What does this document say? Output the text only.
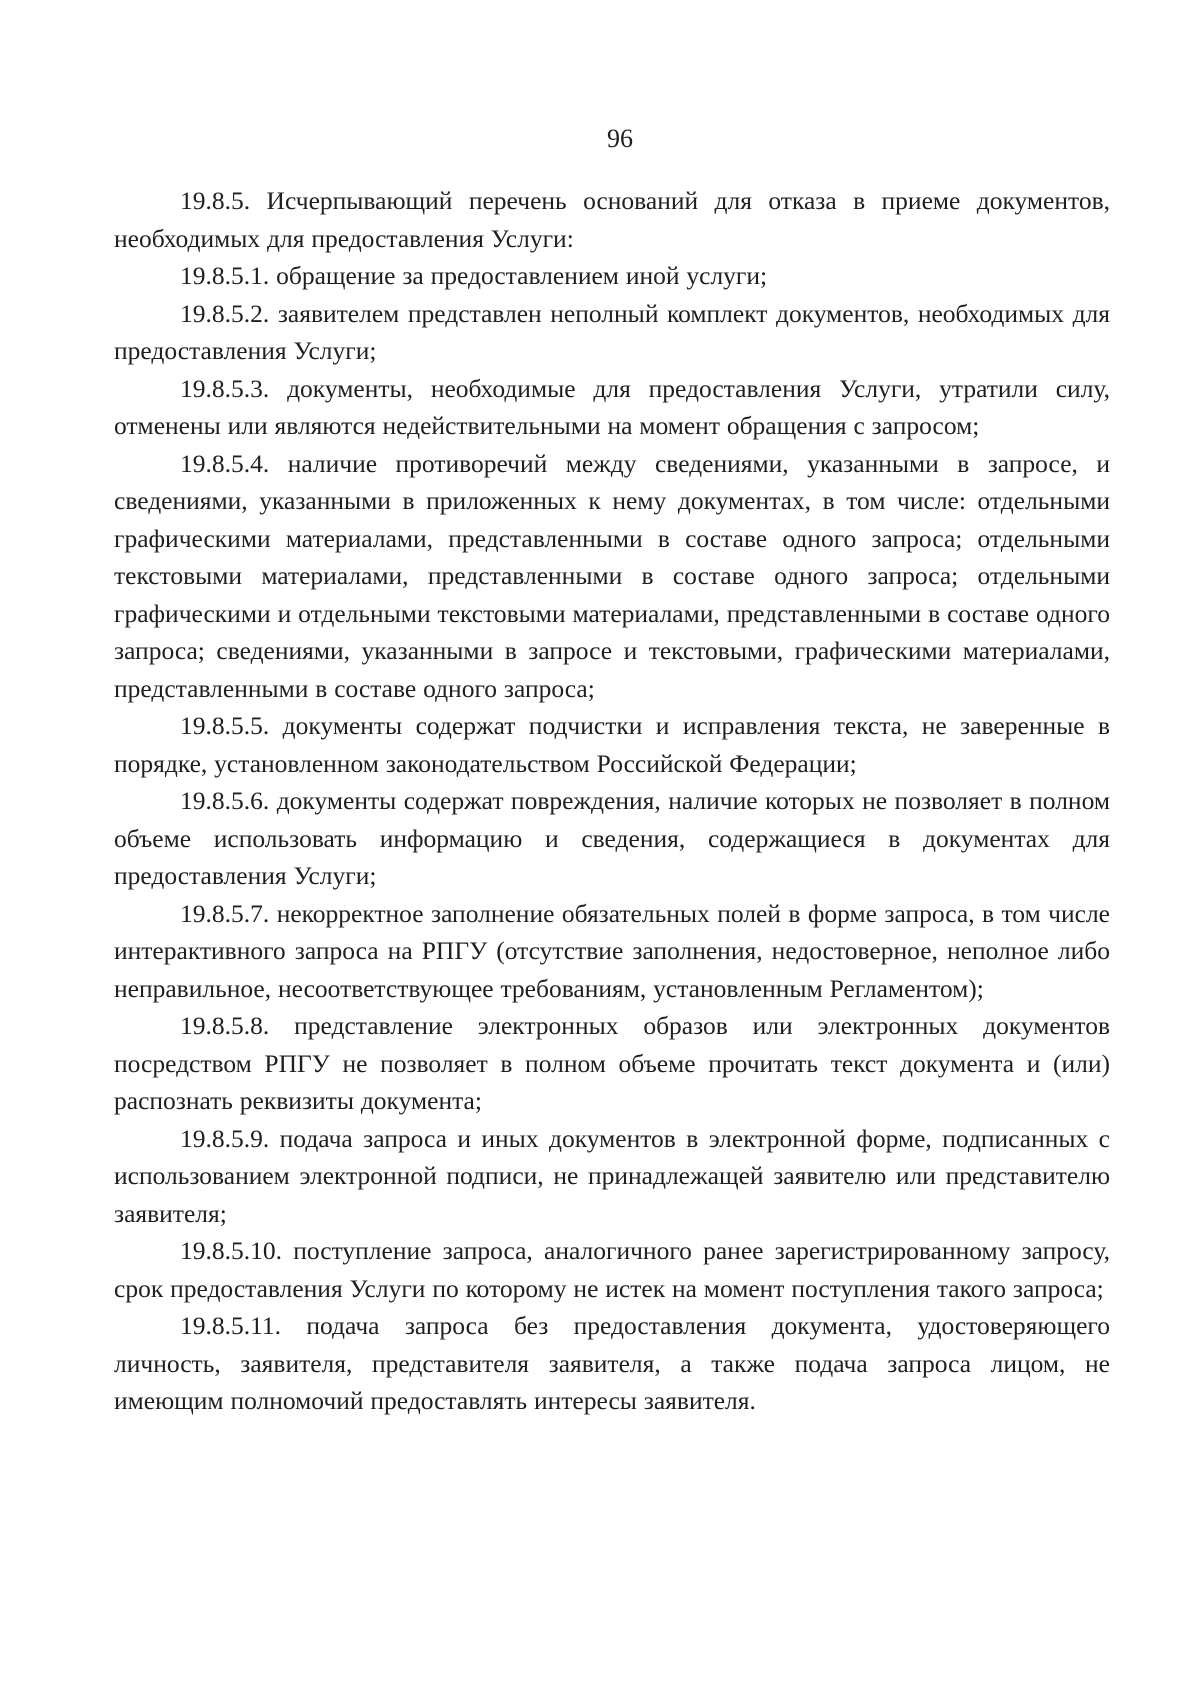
96

19.8.5. Исчерпывающий перечень оснований для отказа в приеме документов, необходимых для предоставления Услуги:

19.8.5.1. обращение за предоставлением иной услуги;

19.8.5.2. заявителем представлен неполный комплект документов, необходимых для предоставления Услуги;

19.8.5.3. документы, необходимые для предоставления Услуги, утратили силу, отменены или являются недействительными на момент обращения с запросом;

19.8.5.4. наличие противоречий между сведениями, указанными в запросе, и сведениями, указанными в приложенных к нему документах, в том числе: отдельными графическими материалами, представленными в составе одного запроса; отдельными текстовыми материалами, представленными в составе одного запроса; отдельными графическими и отдельными текстовыми материалами, представленными в составе одного запроса; сведениями, указанными в запросе и текстовыми, графическими материалами, представленными в составе одного запроса;

19.8.5.5. документы содержат подчистки и исправления текста, не заверенные в порядке, установленном законодательством Российской Федерации;

19.8.5.6. документы содержат повреждения, наличие которых не позволяет в полном объеме использовать информацию и сведения, содержащиеся в документах для предоставления Услуги;

19.8.5.7. некорректное заполнение обязательных полей в форме запроса, в том числе интерактивного запроса на РПГУ (отсутствие заполнения, недостоверное, неполное либо неправильное, несоответствующее требованиям, установленным Регламентом);

19.8.5.8. представление электронных образов или электронных документов посредством РПГУ не позволяет в полном объеме прочитать текст документа и (или) распознать реквизиты документа;

19.8.5.9. подача запроса и иных документов в электронной форме, подписанных с использованием электронной подписи, не принадлежащей заявителю или представителю заявителя;

19.8.5.10. поступление запроса, аналогичного ранее зарегистрированному запросу, срок предоставления Услуги по которому не истек на момент поступления такого запроса;

19.8.5.11. подача запроса без предоставления документа, удостоверяющего личность, заявителя, представителя заявителя, а также подача запроса лицом, не имеющим полномочий предоставлять интересы заявителя.
